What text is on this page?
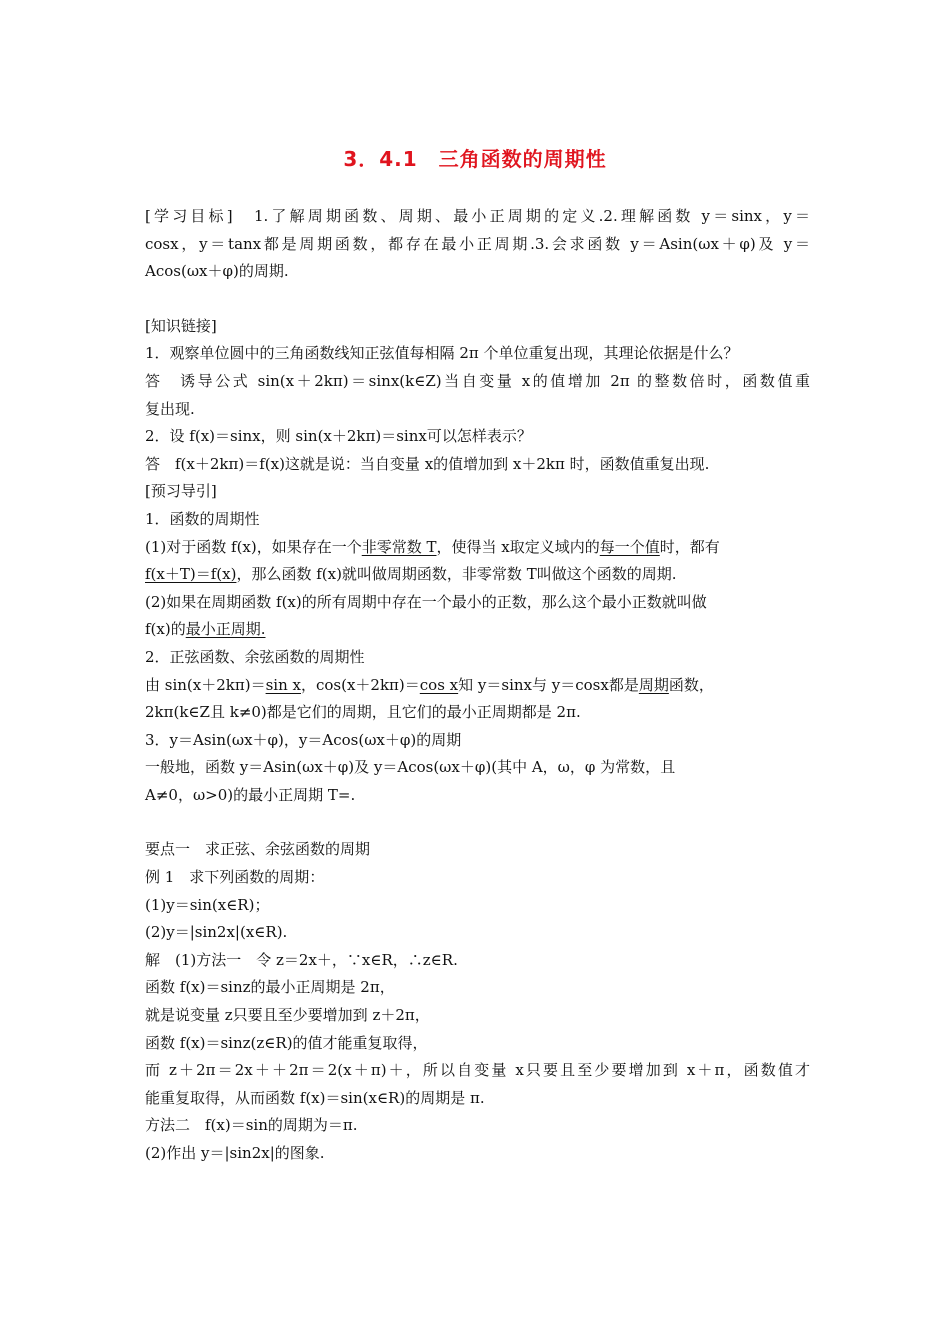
3．4.1　三角函数的周期性
[学习目标]　1.了解周期函数、周期、最小正周期的定义.2.理解函数 y＝sinx，y＝
cosx，y＝tanx都是周期函数，都存在最小正周期.3.会求函数 y＝Asin(ωx＋φ)及 y＝
Acos(ωx＋φ)的周期.
[知识链接]
1．观察单位圆中的三角函数线知正弦值每相隔 2π 个单位重复出现，其理论依据是什么？
答　诱导公式 sin(x＋2kπ)＝sinx(k∈Z)当自变量 x的值增加 2π 的整数倍时，函数值重
复出现.
2．设 f(x)＝sinx，则 sin(x＋2kπ)＝sinx可以怎样表示？
答　f(x＋2kπ)＝f(x)这就是说：当自变量 x的值增加到 x＋2kπ 时，函数值重复出现.
[预习导引]
1．函数的周期性
(1)对于函数 f(x)，如果存在一个非零常数 T，使得当 x取定义域内的每一个值时，都有
f(x＋T)＝f(x)，那么函数 f(x)就叫做周期函数，非零常数 T叫做这个函数的周期.
(2)如果在周期函数 f(x)的所有周期中存在一个最小的正数，那么这个最小正数就叫做
f(x)的最小正周期.
2．正弦函数、余弦函数的周期性
由 sin(x＋2kπ)＝sin x，cos(x＋2kπ)＝cos x知 y＝sinx与 y＝cosx都是周期函数，
2kπ(k∈Z且 k≠0)都是它们的周期，且它们的最小正周期都是 2π.
3．y＝Asin(ωx＋φ)，y＝Acos(ωx＋φ)的周期
一般地，函数 y＝Asin(ωx＋φ)及 y＝Acos(ωx＋φ)(其中 A，ω，φ 为常数，且
A≠0，ω>0)的最小正周期 T=.
要点一　求正弦、余弦函数的周期
例 1　求下列函数的周期：
(1)y＝sin(x∈R)；
(2)y＝|sin2x|(x∈R).
解　(1)方法一　令 z＝2x＋，∵x∈R，∴z∈R.
函数 f(x)＝sinz的最小正周期是 2π，
就是说变量 z只要且至少要增加到 z＋2π，
函数 f(x)＝sinz(z∈R)的值才能重复取得，
而 z＋2π＝2x＋＋2π＝2(x＋π)＋，所以自变量 x只要且至少要增加到 x＋π，函数值才
能重复取得，从而函数 f(x)＝sin(x∈R)的周期是 π.
方法二　f(x)＝sin的周期为＝π.
(2)作出 y＝|sin2x|的图象.
